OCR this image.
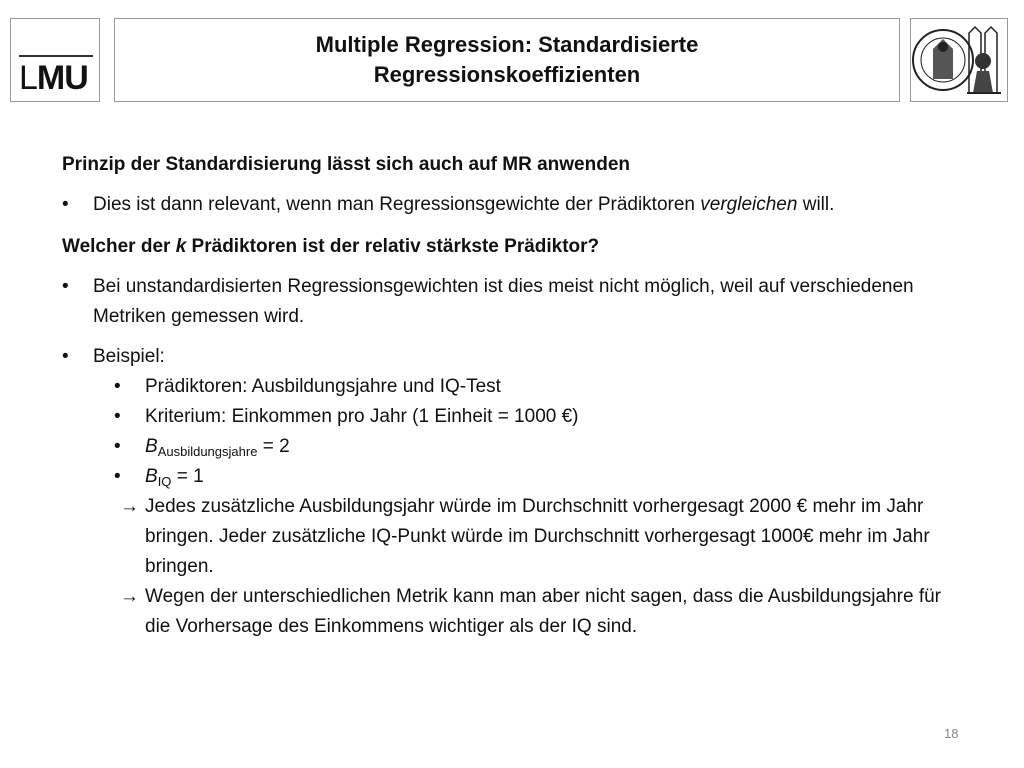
LMU
Multiple Regression: Standardisierte
Regressionskoeffizienten
Prinzip der Standardisierung lässt sich auch auf MR anwenden
• Dies ist dann relevant, wenn man Regressionsgewichte der Prädiktoren vergleichen will.
Welcher der k Prädiktoren ist der relativ stärkste Prädiktor?
• Bei unstandardisierten Regressionsgewichten ist dies meist nicht möglich, weil auf verschiedenen Metriken gemessen wird.
• Beispiel:
• Prädiktoren: Ausbildungsjahre und IQ-Test
• Kriterium: Einkommen pro Jahr (1 Einheit = 1000 €)
• $B_{Ausbildungsjahre} = 2$
• $B_{IQ} = 1$
→ Jedes zusätzliche Ausbildungsjahr würde im Durchschnitt vorhergesagt 2000 € mehr im Jahr bringen. Jeder zusätzliche IQ-Punkt würde im Durchschnitt vorhergesagt 1000€ mehr im Jahr bringen.
→ Wegen der unterschiedlichen Metrik kann man aber nicht sagen, dass die Ausbildungsjahre für die Vorhersage des Einkommens wichtiger als der IQ sind.
18
